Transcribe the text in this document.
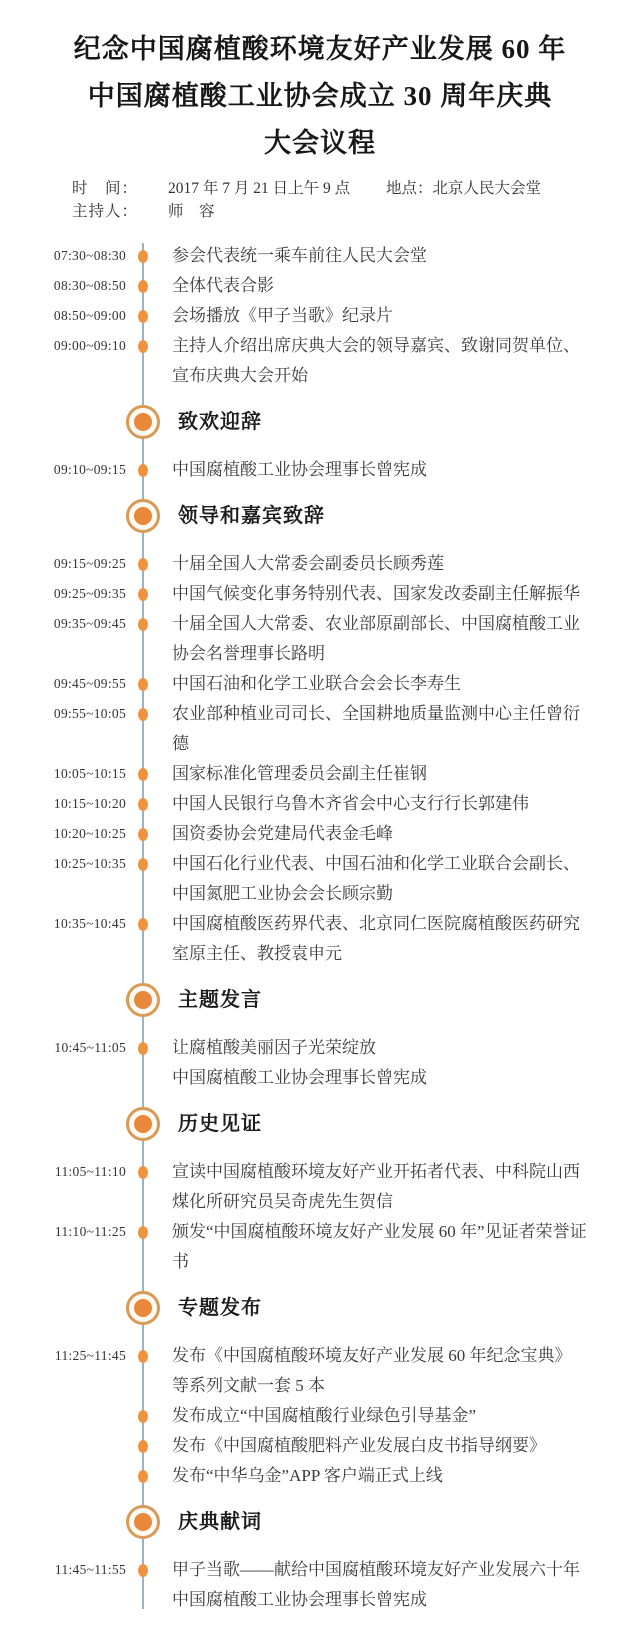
纪念中国腐植酸环境友好产业发展 60 年
中国腐植酸工业协会成立 30 周年庆典
大会议程
时　间： 2017 年 7 月 21 日上午 9 点 地点：北京人民大会堂
主持人： 师　容
07:30~08:30	参会代表统一乘车前往人民大会堂
08:30~08:50	全体代表合影
08:50~09:00	会场播放《甲子当歌》纪录片
09:00~09:10	主持人介绍出席庆典大会的领导嘉宾、致谢同贺单位、宣布庆典大会开始
致欢迎辞
09:10~09:15	中国腐植酸工业协会理事长曾宪成
领导和嘉宾致辞
09:15~09:25	十届全国人大常委会副委员长顾秀莲
09:25~09:35	中国气候变化事务特别代表、国家发改委副主任解振华
09:35~09:45	十届全国人大常委、农业部原副部长、中国腐植酸工业协会名誉理事长路明
09:45~09:55	中国石油和化学工业联合会会长李寿生
09:55~10:05	农业部种植业司司长、全国耕地质量监测中心主任曾衍德
10:05~10:15	国家标准化管理委员会副主任崔钢
10:15~10:20	中国人民银行乌鲁木齐省会中心支行行长郭建伟
10:20~10:25	国资委协会党建局代表金毛峰
10:25~10:35	中国石化行业代表、中国石油和化学工业联合会副长、中国氮肥工业协会会长顾宗勤
10:35~10:45	中国腐植酸医药界代表、北京同仁医院腐植酸医药研究室原主任、教授袁申元
主题发言
10:45~11:05	让腐植酸美丽因子光荣绽放
中国腐植酸工业协会理事长曾宪成
历史见证
11:05~11:10	宣读中国腐植酸环境友好产业开拓者代表、中科院山西煤化所研究员吴奇虎先生贺信
11:10~11:25	颁发“中国腐植酸环境友好产业发展 60 年”见证者荣誉证书
专题发布
11:25~11:45	发布《中国腐植酸环境友好产业发展 60 年纪念宝典》等系列文献一套 5 本
发布成立“中国腐植酸行业绿色引导基金”
发布《中国腐植酸肥料产业发展白皮书指导纲要》
发布“中华乌金”APP 客户端正式上线
庆典献词
11:45~11:55	甲子当歌——献给中国腐植酸环境友好产业发展六十年
中国腐植酸工业协会理事长曾宪成
